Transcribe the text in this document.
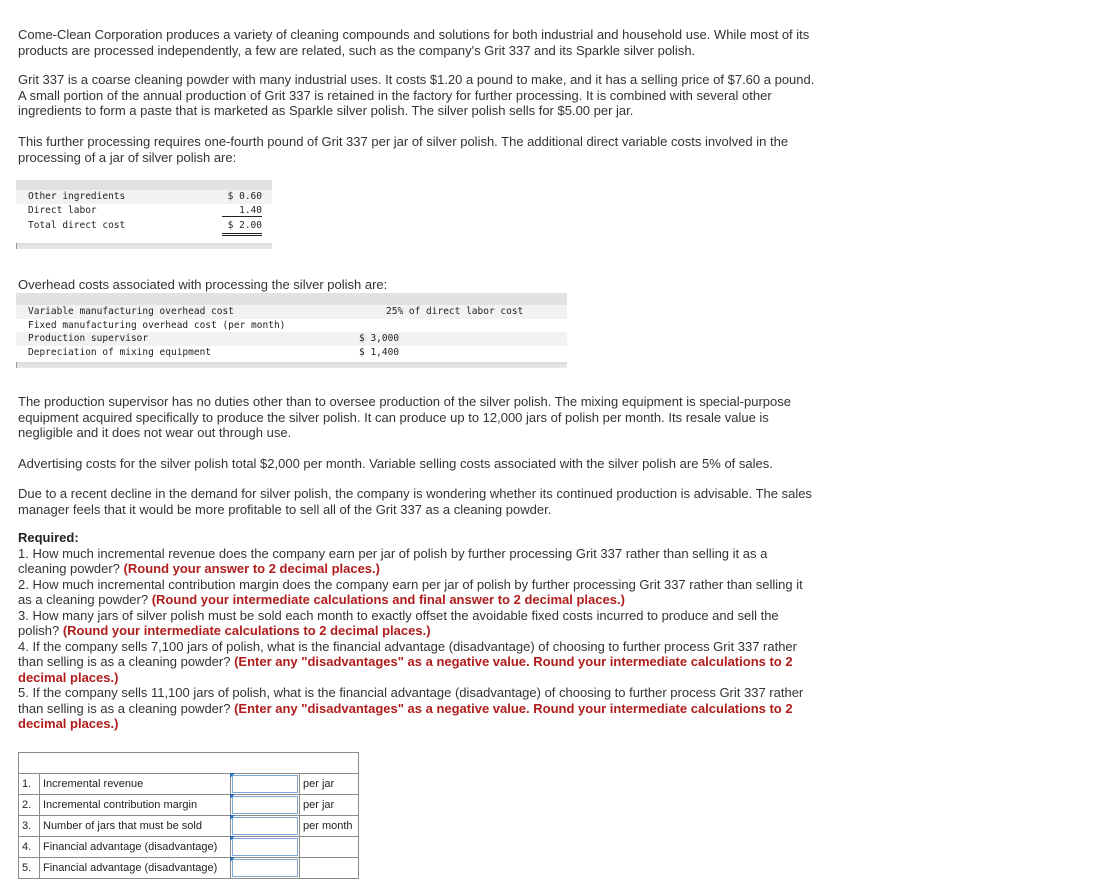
Come-Clean Corporation produces a variety of cleaning compounds and solutions for both industrial and household use. While most of its products are processed independently, a few are related, such as the company's Grit 337 and its Sparkle silver polish.

Grit 337 is a coarse cleaning powder with many industrial uses. It costs $1.20 a pound to make, and it has a selling price of $7.60 a pound. A small portion of the annual production of Grit 337 is retained in the factory for further processing. It is combined with several other ingredients to form a paste that is marketed as Sparkle silver polish. The silver polish sells for $5.00 per jar.

This further processing requires one-fourth pound of Grit 337 per jar of silver polish. The additional direct variable costs involved in the processing of a jar of silver polish are:

Overhead costs associated with processing the silver polish are:

The production supervisor has no duties other than to oversee production of the silver polish. The mixing equipment is special-purpose equipment acquired specifically to produce the silver polish. It can produce up to 12,000 jars of polish per month. Its resale value is negligible and it does not wear out through use.

Advertising costs for the silver polish total $2,000 per month. Variable selling costs associated with the silver polish are 5% of sales.

Due to a recent decline in the demand for silver polish, the company is wondering whether its continued production is advisable. The sales manager feels that it would be more profitable to sell all of the Grit 337 as a cleaning powder.

Required:

1. How much incremental revenue does the company earn per jar of polish by further processing Grit 337 rather than selling it as a cleaning powder? (Round your answer to 2 decimal places.)

2. How much incremental contribution margin does the company earn per jar of polish by further processing Grit 337 rather than selling it as a cleaning powder? (Round your intermediate calculations and final answer to 2 decimal places.)

3. How many jars of silver polish must be sold each month to exactly offset the avoidable fixed costs incurred to produce and sell the polish? (Round your intermediate calculations to 2 decimal places.)

4. If the company sells 7,100 jars of polish, what is the financial advantage (disadvantage) of choosing to further process Grit 337 rather than selling is as a cleaning powder? (Enter any "disadvantages" as a negative value. Round your intermediate calculations to 2 decimal places.)

5. If the company sells 11,100 jars of polish, what is the financial advantage (disadvantage) of choosing to further process Grit 337 rather than selling is as a cleaning powder? (Enter any "disadvantages" as a negative value. Round your intermediate calculations to 2 decimal places.)

Other ingredients	$ 0.60
Direct labor	1.40
Total direct cost	$ 2.00
Variable manufacturing overhead cost	25% of direct labor cost
Fixed manufacturing overhead cost (per month)
Production supervisor	$ 3,000
Depreciation of mixing equipment	$ 1,400

1.	Incremental revenue		per jar
2.	Incremental contribution margin		per jar
3.	Number of jars that must be sold		per month
4.	Financial advantage (disadvantage)	

5.	Financial advantage (disadvantage)	
